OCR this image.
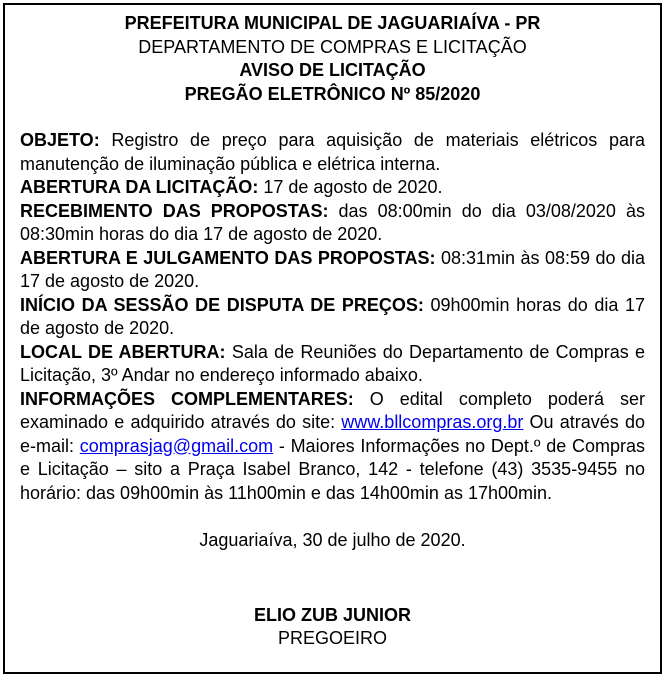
PREFEITURA MUNICIPAL DE JAGUARIAÍVA - PR
DEPARTAMENTO DE COMPRAS E LICITAÇÃO
AVISO DE LICITAÇÃO
PREGÃO ELETRÔNICO Nº 85/2020

OBJETO: Registro de preço para aquisição de materiais elétricos para manutenção de iluminação pública e elétrica interna.

ABERTURA DA LICITAÇÃO: 17 de agosto de 2020.

RECEBIMENTO DAS PROPOSTAS: das 08:00min do dia 03/08/2020 às 08:30min horas do dia 17 de agosto de 2020.

ABERTURA E JULGAMENTO DAS PROPOSTAS: 08:31min às 08:59 do dia 17 de agosto de 2020.

INÍCIO DA SESSÃO DE DISPUTA DE PREÇOS: 09h00min horas do dia 17 de agosto de 2020.

LOCAL DE ABERTURA: Sala de Reuniões do Departamento de Compras e Licitação, 3º Andar no endereço informado abaixo.

INFORMAÇÕES COMPLEMENTARES: O edital completo poderá ser examinado e adquirido através do site: www.bllcompras.org.br Ou através do e-mail: comprasjag@gmail.com - Maiores Informações no Dept.º de Compras e Licitação – sito a Praça Isabel Branco, 142 - telefone (43) 3535-9455 no horário: das 09h00min às 11h00min e das 14h00min as 17h00min.

Jaguariaíva, 30 de julho de 2020.
ELIO ZUB JUNIOR
PREGOEIRO
